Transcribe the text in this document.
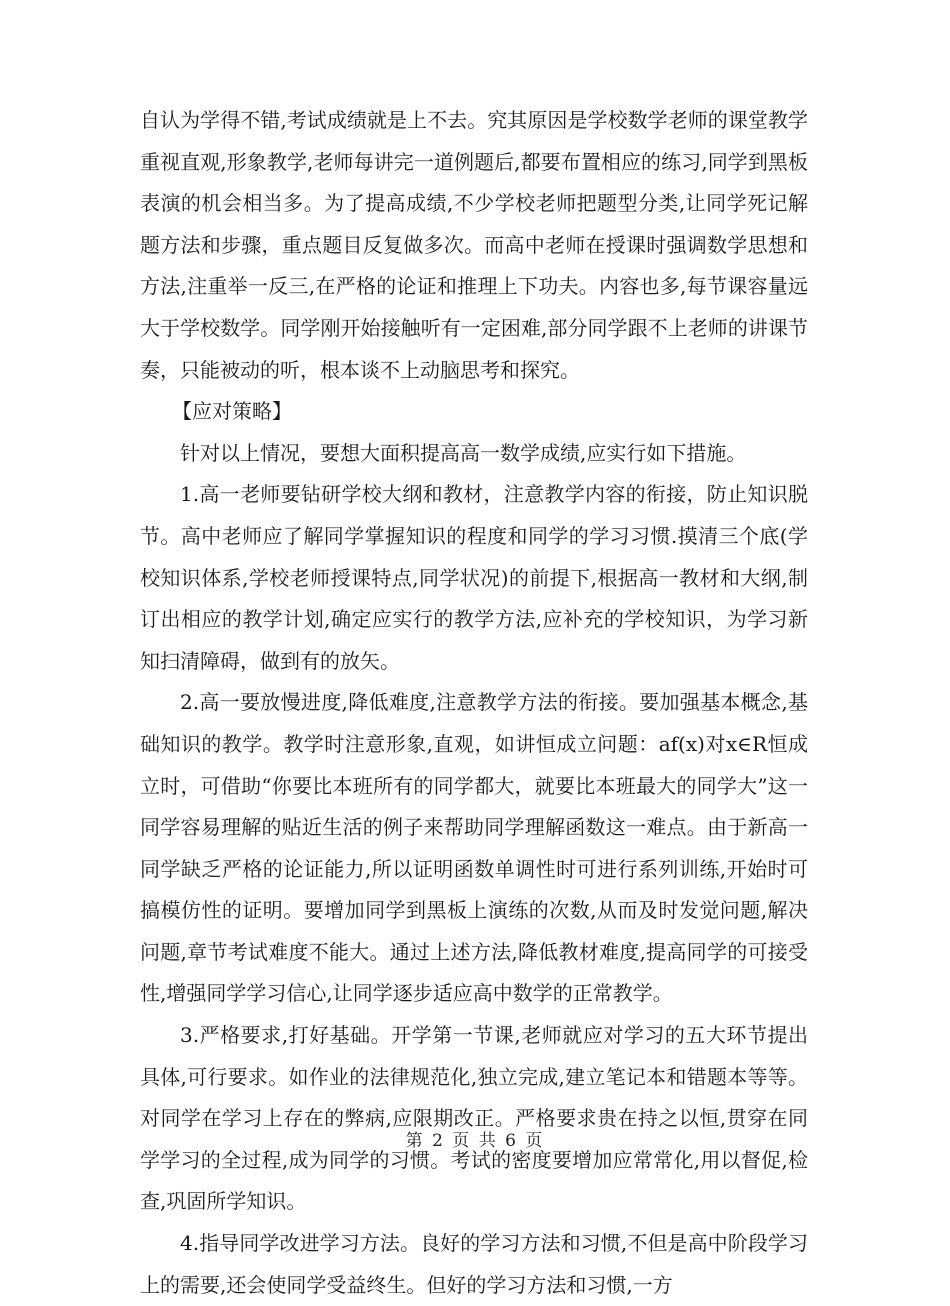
自认为学得不错,考试成绩就是上不去。究其原因是学校数学老师的课堂教学重视直观,形象教学,老师每讲完一道例题后,都要布置相应的练习,同学到黑板表演的机会相当多。为了提高成绩,不少学校老师把题型分类,让同学死记解题方法和步骤，重点题目反复做多次。而高中老师在授课时强调数学思想和方法,注重举一反三,在严格的论证和推理上下功夫。内容也多,每节课容量远大于学校数学。同学刚开始接触听有一定困难,部分同学跟不上老师的讲课节奏，只能被动的听，根本谈不上动脑思考和探究。

【应对策略】

针对以上情况，要想大面积提高高一数学成绩,应实行如下措施。

1.高一老师要钻研学校大纲和教材，注意教学内容的衔接，防止知识脱节。高中老师应了解同学掌握知识的程度和同学的学习习惯.摸清三个底(学校知识体系,学校老师授课特点,同学状况)的前提下,根据高一教材和大纲,制订出相应的教学计划,确定应实行的教学方法,应补充的学校知识，为学习新知扫清障碍，做到有的放矢。

2.高一要放慢进度,降低难度,注意教学方法的衔接。要加强基本概念,基础知识的教学。教学时注意形象,直观，如讲恒成立问题：af(x)对x∈R恒成立时，可借助“你要比本班所有的同学都大，就要比本班最大的同学大”这一同学容易理解的贴近生活的例子来帮助同学理解函数这一难点。由于新高一同学缺乏严格的论证能力,所以证明函数单调性时可进行系列训练,开始时可搞模仿性的证明。要增加同学到黑板上演练的次数,从而及时发觉问题,解决问题,章节考试难度不能大。通过上述方法,降低教材难度,提高同学的可接受性,增强同学学习信心,让同学逐步适应高中数学的正常教学。

3.严格要求,打好基础。开学第一节课,老师就应对学习的五大环节提出具体,可行要求。如作业的法律规范化,独立完成,建立笔记本和错题本等等。对同学在学习上存在的弊病,应限期改正。严格要求贵在持之以恒,贯穿在同学学习的全过程,成为同学的习惯。考试的密度要增加应常常化,用以督促,检查,巩固所学知识。

4.指导同学改进学习方法。良好的学习方法和习惯,不但是高中阶段学习上的需要,还会使同学受益终生。但好的学习方法和习惯,一方

第 2 页 共 6 页
